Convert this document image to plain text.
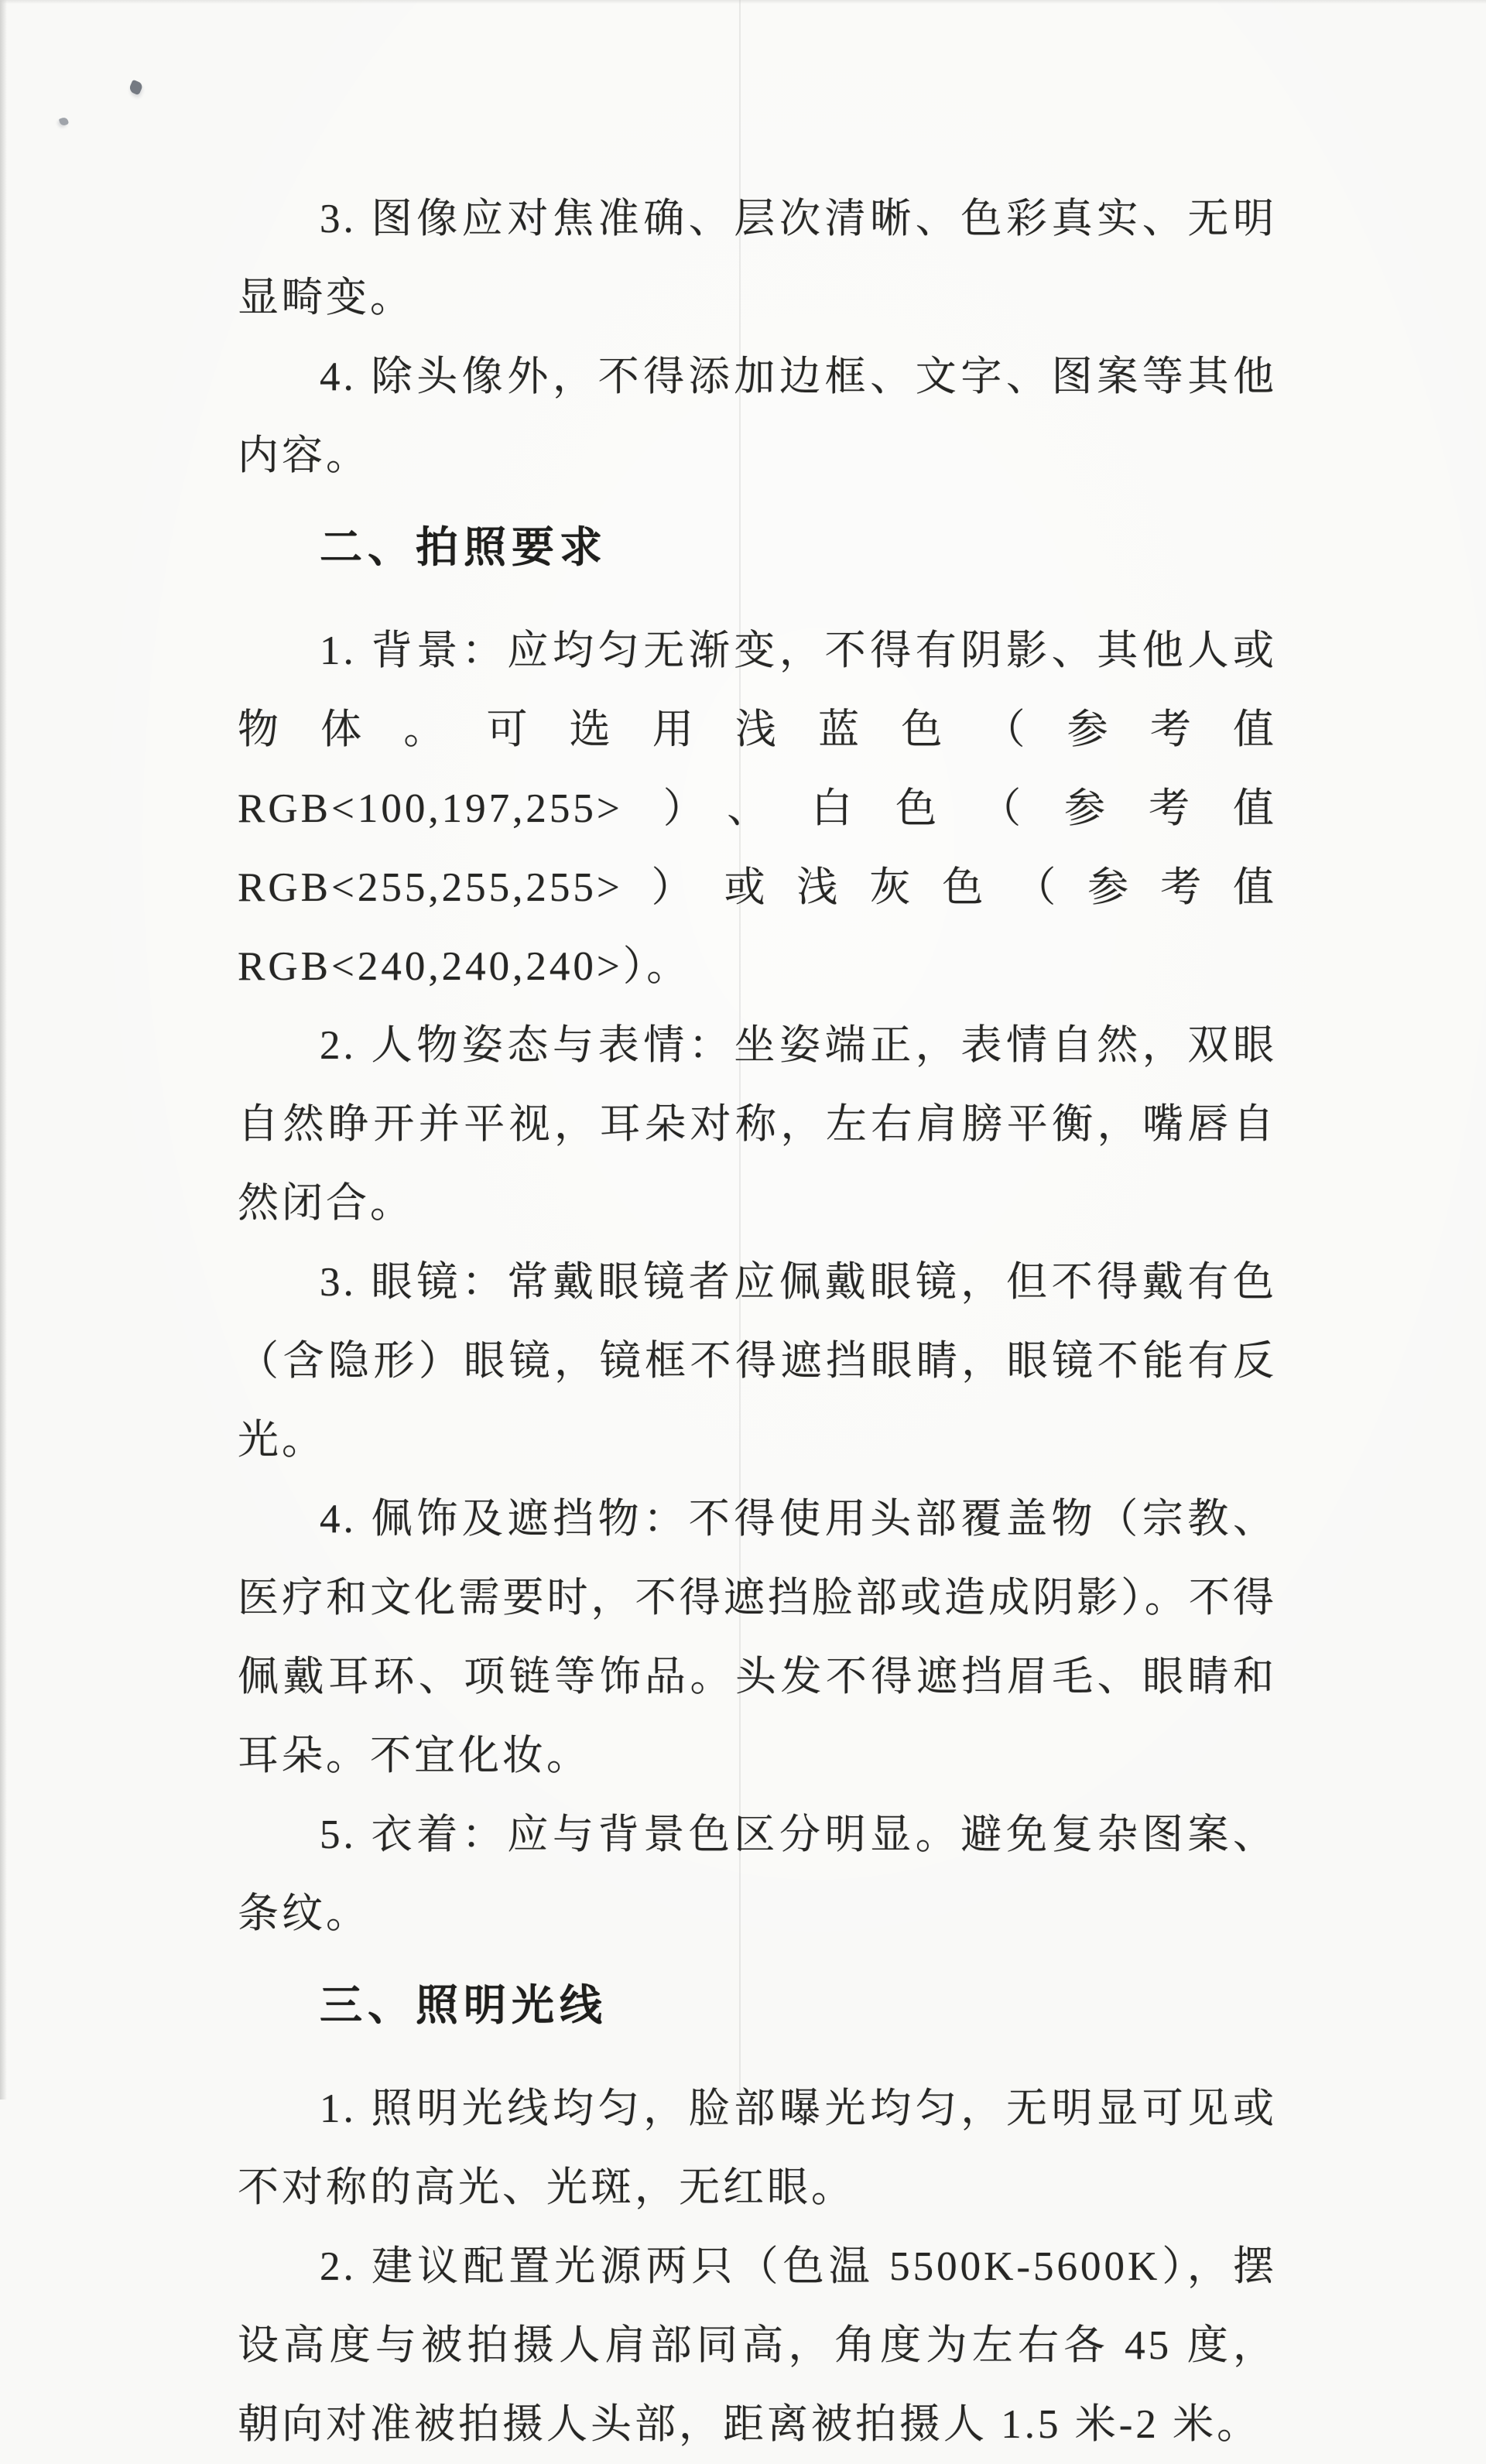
3. 图像应对焦准确、层次清晰、色彩真实、无明显畸变。

4. 除头像外，不得添加边框、文字、图案等其他内容。

二、拍照要求

1. 背景：应均匀无渐变，不得有阴影、其他人或物体。可选用浅蓝色（参考值 RGB<100,197,255>）、白色（参考值 RGB<255,255,255>）或浅灰色（参考值 RGB<240,240,240>）。

2. 人物姿态与表情：坐姿端正，表情自然，双眼自然睁开并平视，耳朵对称，左右肩膀平衡，嘴唇自然闭合。

3. 眼镜：常戴眼镜者应佩戴眼镜，但不得戴有色（含隐形）眼镜，镜框不得遮挡眼睛，眼镜不能有反光。

4. 佩饰及遮挡物：不得使用头部覆盖物（宗教、医疗和文化需要时，不得遮挡脸部或造成阴影）。不得佩戴耳环、项链等饰品。头发不得遮挡眉毛、眼睛和耳朵。不宜化妆。

5. 衣着：应与背景色区分明显。避免复杂图案、条纹。

三、照明光线

1. 照明光线均匀，脸部曝光均匀，无明显可见或不对称的高光、光斑，无红眼。

2. 建议配置光源两只（色温 5500K-5600K），摆设高度与被拍摄人肩部同高，角度为左右各 45 度，朝向对准被拍摄人头部，距离被拍摄人 1.5 米-2 米。
